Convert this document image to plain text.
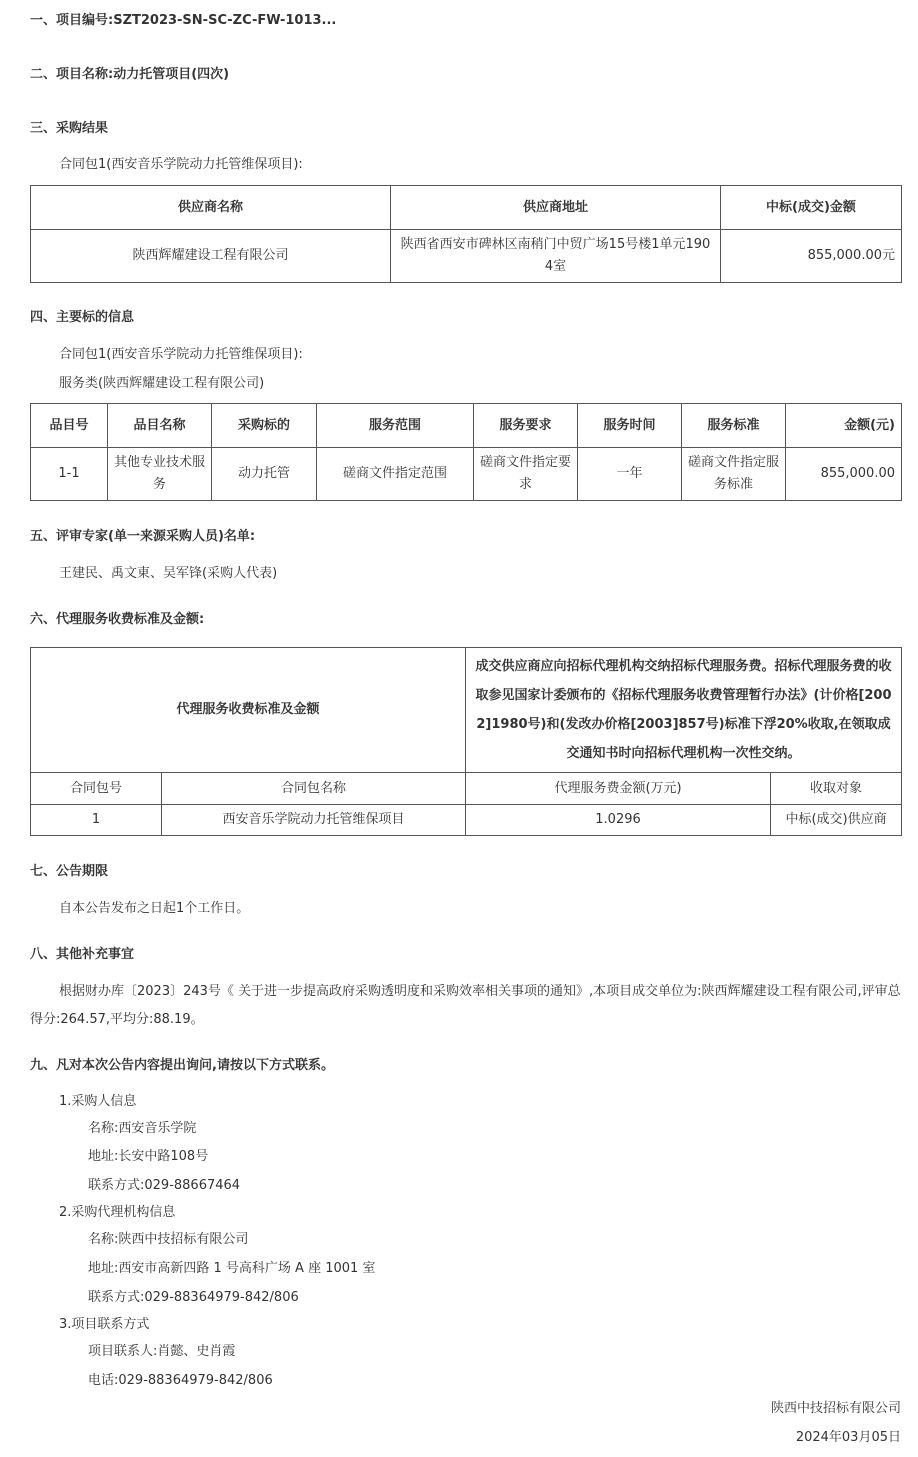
一、项目编号:SZT2023-SN-SC-ZC-FW-1013...
二、项目名称:动力托管项目(四次)
三、采购结果
合同包1(西安音乐学院动力托管维保项目):
供应商名称	供应商地址	中标(成交)金额
陕西辉耀建设工程有限公司	陕西省西安市碑林区南稍门中贸广场15号楼1单元1904室	855,000.00元
四、主要标的信息
合同包1(西安音乐学院动力托管维保项目):
服务类(陕西辉耀建设工程有限公司)
品目号	品目名称	采购标的	服务范围	服务要求	服务时间	服务标准	金额(元)
1-1	其他专业技术服务	动力托管	磋商文件指定范围	磋商文件指定要求	一年	磋商文件指定服务标准	855,000.00
五、评审专家(单一来源采购人员)名单:
王建民、禹文東、吴军锋(采购人代表)
六、代理服务收费标准及金额:
代理服务收费标准及金额		成交供应商应向招标代理机构交纳招标代理服务费。招标代理服务费的收取参见国家计委颁布的《招标代理服务收费管理暂行办法》(计价格[2002]1980号)和(发改办价格[2003]857号)标准下浮20%收取,在领取成交通知书时向招标代理机构一次性交纳。	
合同包号	合同包名称	代理服务费金额(万元)	收取对象
1	西安音乐学院动力托管维保项目	1.0296	中标(成交)供应商
七、公告期限
自本公告发布之日起1个工作日。
八、其他补充事宜
根据财办库〔2023〕243号《 关于进一步提高政府采购透明度和采购效率相关事项的通知》,本项目成交单位为:陕西辉耀建设工程有限公司,评审总
得分:264.57,平均分:88.19。
九、凡对本次公告内容提出询问,请按以下方式联系。
1.采购人信息
名称:西安音乐学院
地址:长安中路108号
联系方式:029-88667464
2.采购代理机构信息
名称:陕西中技招标有限公司
地址:西安市高新四路 1 号高科广场 A 座 1001 室
联系方式:029-88364979-842/806
3.项目联系方式
项目联系人:肖懿、史肖霞
电话:029-88364979-842/806
陕西中技招标有限公司
2024年03月05日
